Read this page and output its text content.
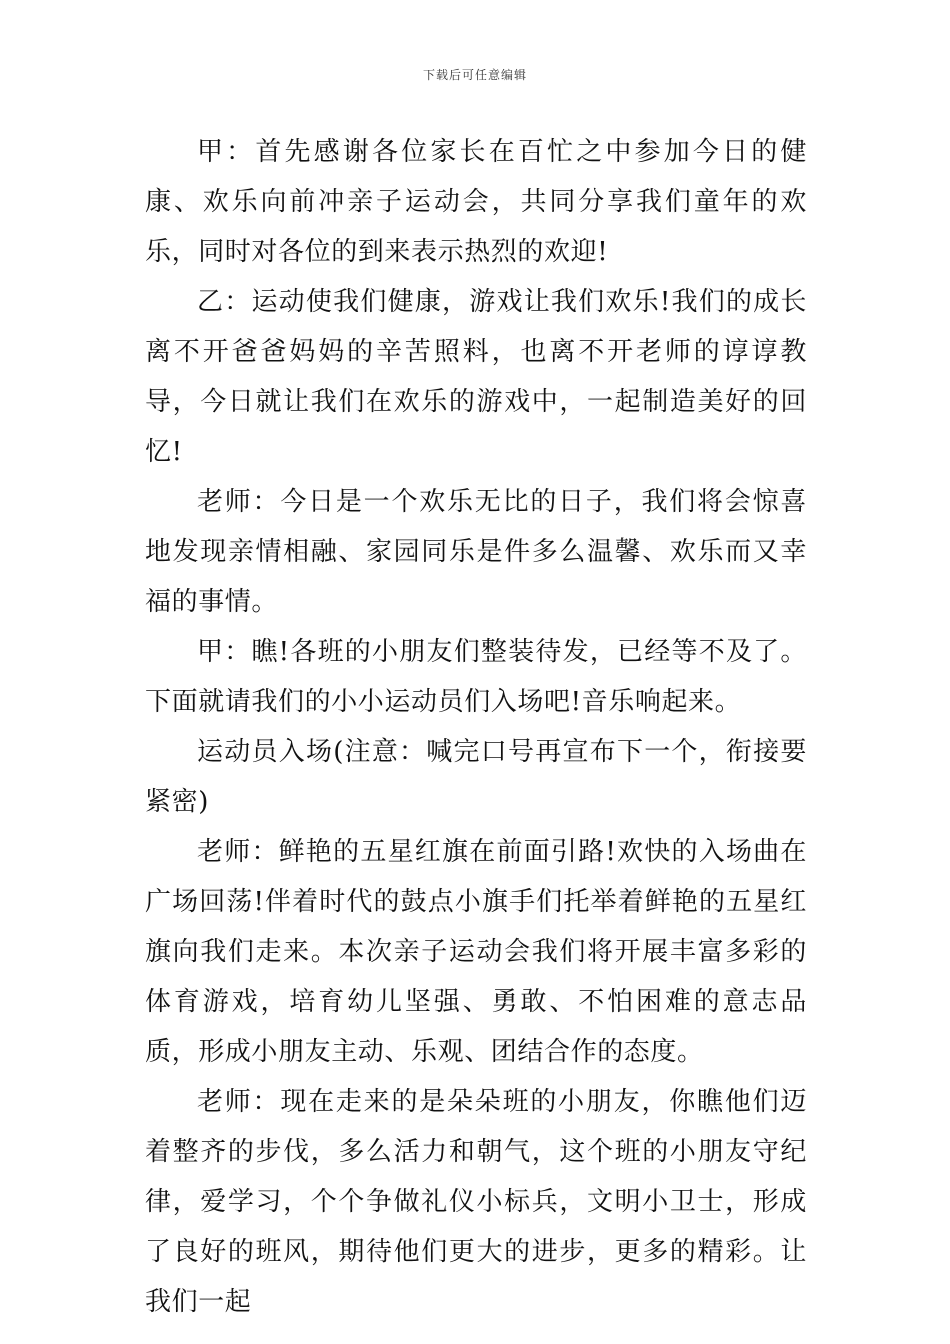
下载后可任意编辑

甲：首先感谢各位家长在百忙之中参加今日的健康、欢乐向前冲亲子运动会，共同分享我们童年的欢乐，同时对各位的到来表示热烈的欢迎!

乙：运动使我们健康，游戏让我们欢乐!我们的成长离不开爸爸妈妈的辛苦照料，也离不开老师的谆谆教导，今日就让我们在欢乐的游戏中，一起制造美好的回忆!

老师：今日是一个欢乐无比的日子，我们将会惊喜地发现亲情相融、家园同乐是件多么温馨、欢乐而又幸福的事情。

甲：瞧!各班的小朋友们整装待发，已经等不及了。下面就请我们的小小运动员们入场吧!音乐响起来。

运动员入场(注意：喊完口号再宣布下一个，衔接要紧密)

老师：鲜艳的五星红旗在前面引路!欢快的入场曲在广场回荡!伴着时代的鼓点小旗手们托举着鲜艳的五星红旗向我们走来。本次亲子运动会我们将开展丰富多彩的体育游戏，培育幼儿坚强、勇敢、不怕困难的意志品质，形成小朋友主动、乐观、团结合作的态度。

老师：现在走来的是朵朵班的小朋友，你瞧他们迈着整齐的步伐，多么活力和朝气，这个班的小朋友守纪律，爱学习，个个争做礼仪小标兵，文明小卫士，形成了良好的班风，期待他们更大的进步，更多的精彩。让我们一起
